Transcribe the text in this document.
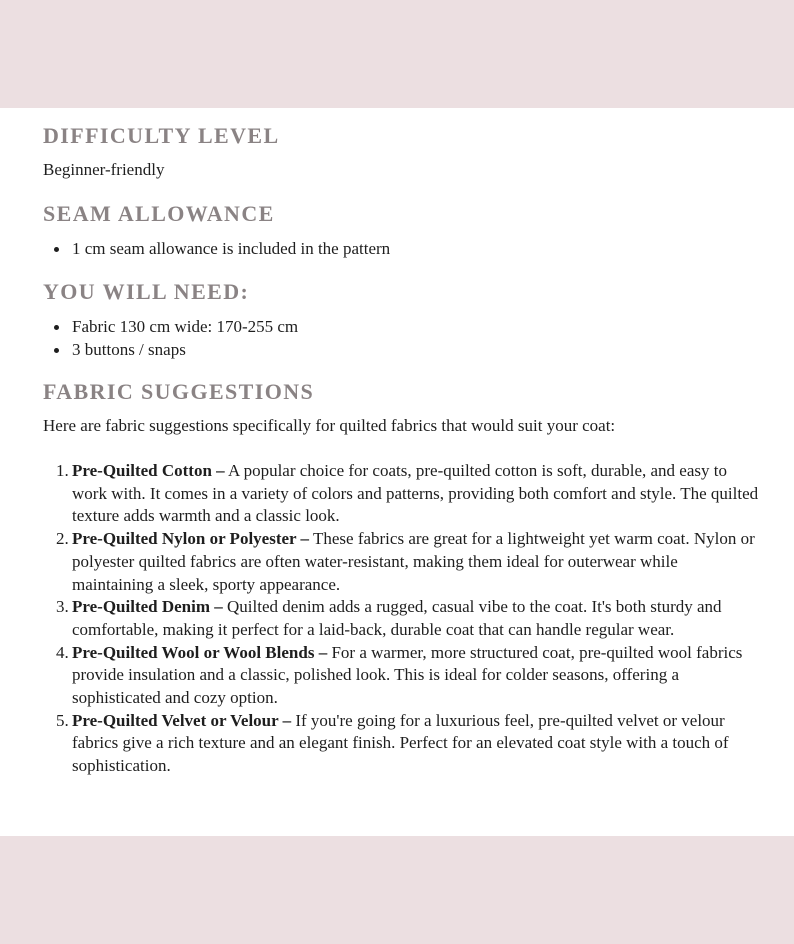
DIFFICULTY LEVEL

Beginner-friendly

SEAM ALLOWANCE
1 cm seam allowance is included in the pattern
YOU WILL NEED:
Fabric 130 cm wide: 170-255 cm
3 buttons / snaps
FABRIC SUGGESTIONS

Here are fabric suggestions specifically for quilted fabrics that would suit your coat:

1 . Pre-Quilted Cotton – A popular choice for coats, pre-quilted cotton is soft, durable, and easy to work with. It comes in a variety of colors and patterns, providing both comfort and style. The quilted texture adds warmth and a classic look.
2 . Pre-Quilted Nylon or Polyester – These fabrics are great for a lightweight yet warm coat. Nylon or polyester quilted fabrics are often water-resistant, making them ideal for outerwear while maintaining a sleek, sporty appearance.
3 . Pre-Quilted Denim – Quilted denim adds a rugged, casual vibe to the coat. It's both sturdy and comfortable, making it perfect for a laid-back, durable coat that can handle regular wear.
4 . Pre-Quilted Wool or Wool Blends – For a warmer, more structured coat, pre-quilted wool fabrics provide insulation and a classic, polished look. This is ideal for colder seasons, offering a sophisticated and cozy option.
5 . Pre-Quilted Velvet or Velour – If you're going for a luxurious feel, pre-quilted velvet or velour fabrics give a rich texture and an elegant finish. Perfect for an elevated coat style with a touch of sophistication.
